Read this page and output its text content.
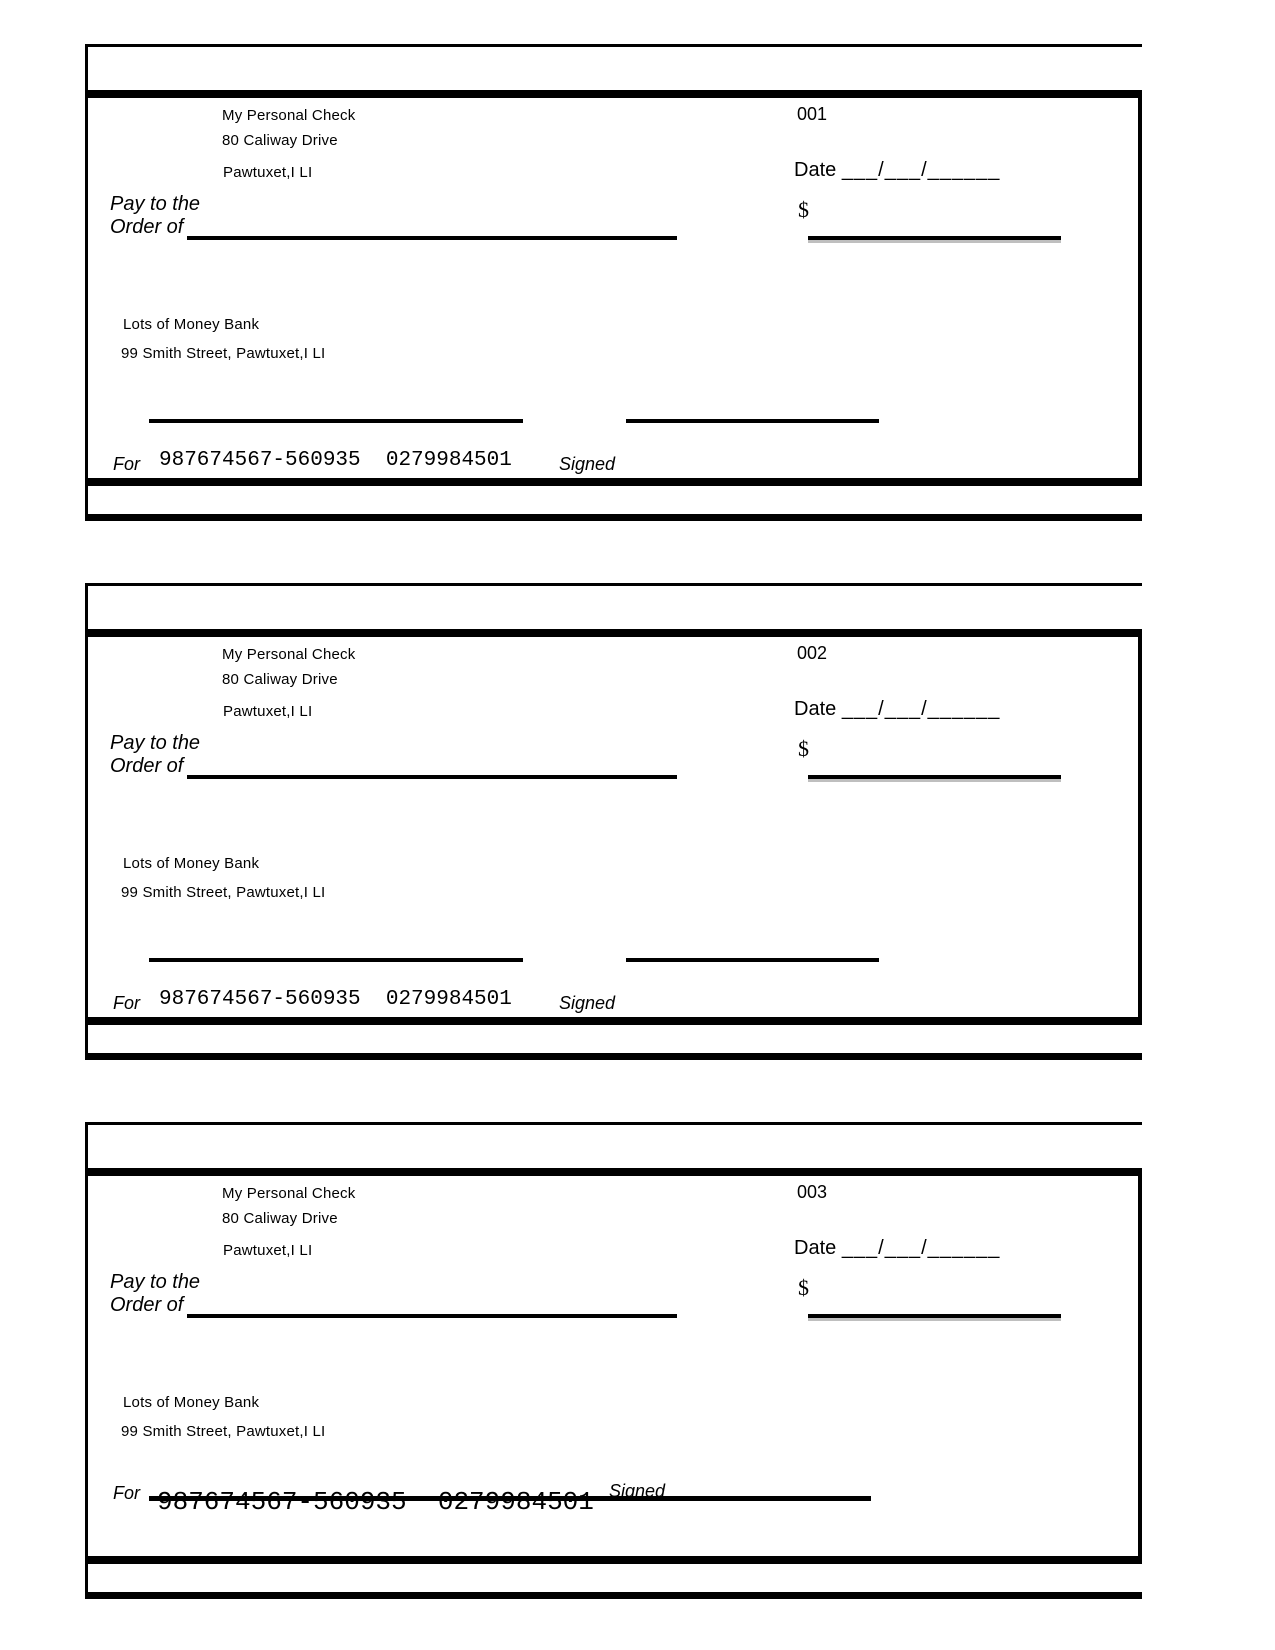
My Personal Check
80 Caliway Drive
Pawtuxet,I LI
001
Date ___/___/______
Pay to the
Order of
$
Lots of Money Bank
99 Smith Street, Pawtuxet,I LI
For 987674567-560935  0279984501	Signed
My Personal Check
80 Caliway Drive
Pawtuxet,I LI
002
Date ___/___/______
Pay to the
Order of
$
Lots of Money Bank
99 Smith Street, Pawtuxet,I LI
For 987674567-560935  0279984501	Signed
My Personal Check
80 Caliway Drive
Pawtuxet,I LI
003
Date ___/___/______
Pay to the
Order of
$
Lots of Money Bank
99 Smith Street, Pawtuxet,I LI
For 987674567-560935  0279984501 Signed
